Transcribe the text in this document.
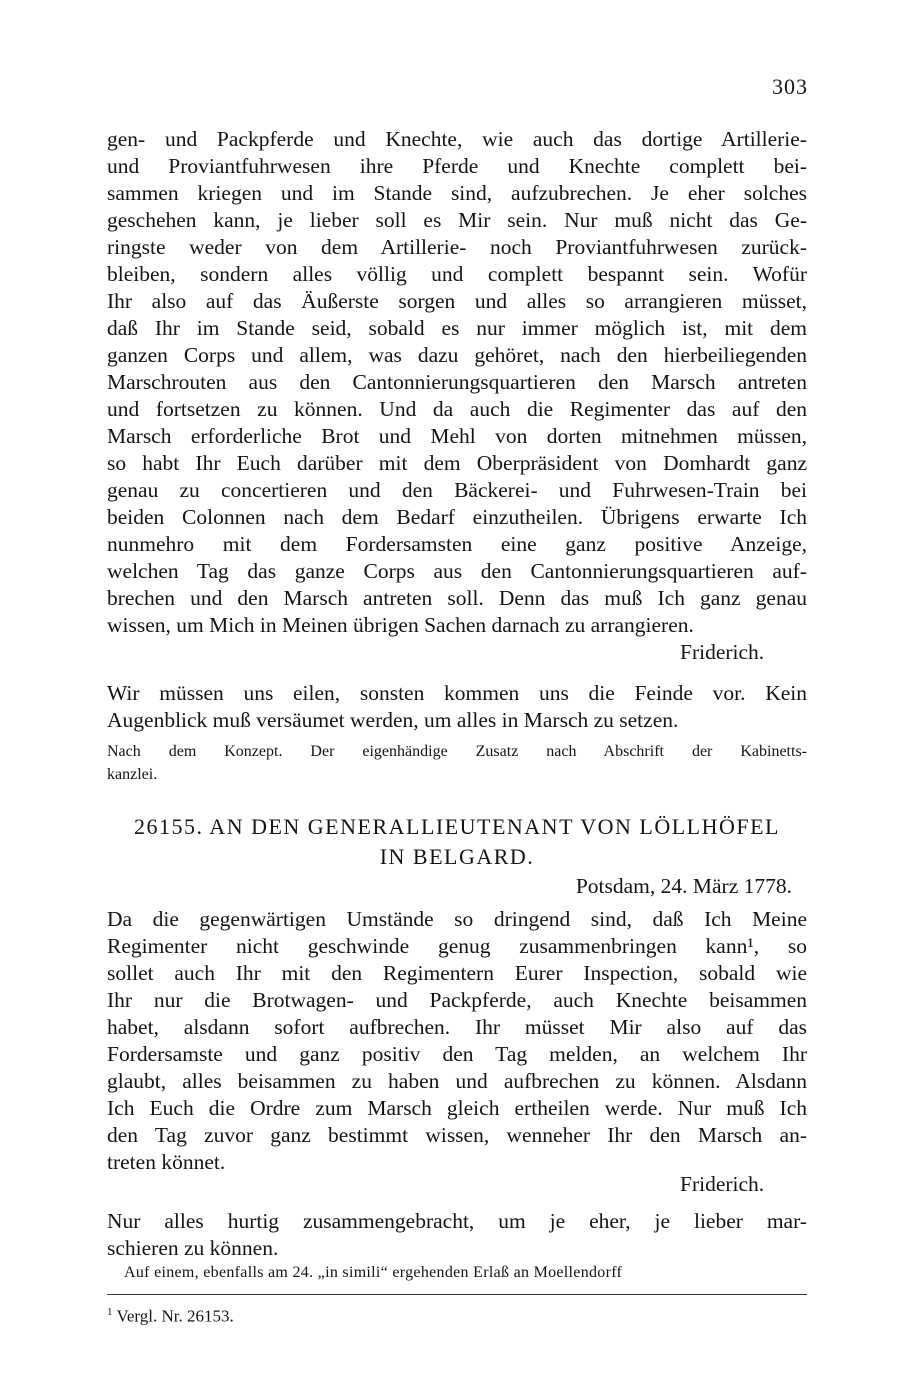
303
gen- und Packpferde und Knechte, wie auch das dortige Artillerie-
und Proviantfuhrwesen ihre Pferde und Knechte complett bei-
sammen kriegen und im Stande sind, aufzubrechen. Je eher solches
geschehen kann, je lieber soll es Mir sein. Nur muß nicht das Ge-
ringste weder von dem Artillerie- noch Proviantfuhrwesen zurück-
bleiben, sondern alles völlig und complett bespannt sein. Wofür
Ihr also auf das Äußerste sorgen und alles so arrangieren müsset,
daß Ihr im Stande seid, sobald es nur immer möglich ist, mit dem
ganzen Corps und allem, was dazu gehöret, nach den hierbeiliegenden
Marschrouten aus den Cantonnierungsquartieren den Marsch antreten
und fortsetzen zu können. Und da auch die Regimenter das auf den
Marsch erforderliche Brot und Mehl von dorten mitnehmen müssen,
so habt Ihr Euch darüber mit dem Oberpräsident von Domhardt ganz
genau zu concertieren und den Bäckerei- und Fuhrwesen-Train bei
beiden Colonnen nach dem Bedarf einzutheilen. Übrigens erwarte Ich
nunmehro mit dem Fordersamsten eine ganz positive Anzeige,
welchen Tag das ganze Corps aus den Cantonnierungsquartieren auf-
brechen und den Marsch antreten soll. Denn das muß Ich ganz genau
wissen, um Mich in Meinen übrigen Sachen darnach zu arrangieren.
Friderich.
Wir müssen uns eilen, sonsten kommen uns die Feinde vor. Kein
Augenblick muß versäumet werden, um alles in Marsch zu setzen.
Nach dem Konzept. Der eigenhändige Zusatz nach Abschrift der Kabinetts-
kanzlei.
26155. AN DEN GENERALLIEUTENANT VON LÖLLHÖFEL
IN BELGARD.
Potsdam, 24. März 1778.
Da die gegenwärtigen Umstände so dringend sind, daß Ich Meine
Regimenter nicht geschwinde genug zusammenbringen kann¹, so
sollet auch Ihr mit den Regimentern Eurer Inspection, sobald wie
Ihr nur die Brotwagen- und Packpferde, auch Knechte beisammen
habet, alsdann sofort aufbrechen. Ihr müsset Mir also auf das
Fordersamste und ganz positiv den Tag melden, an welchem Ihr
glaubt, alles beisammen zu haben und aufbrechen zu können. Alsdann
Ich Euch die Ordre zum Marsch gleich ertheilen werde. Nur muß Ich
den Tag zuvor ganz bestimmt wissen, wenneher Ihr den Marsch an-
treten könnet.
Friderich.
Nur alles hurtig zusammengebracht, um je eher, je lieber mar-
schieren zu können.
Auf einem, ebenfalls am 24. „in simili“ ergehenden Erlaß an Moellendorff
$^1$ Vergl. Nr. 26153.
